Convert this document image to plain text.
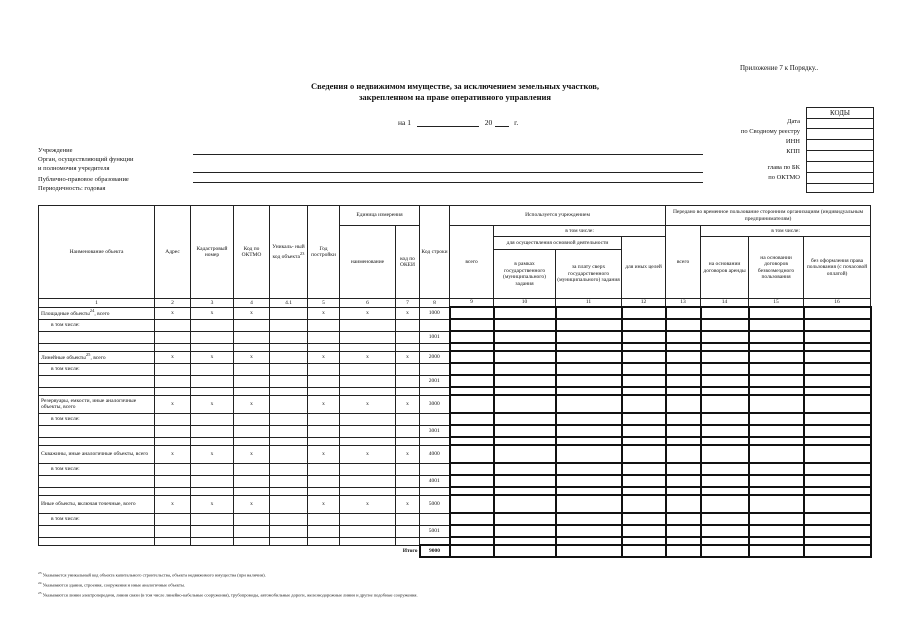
Приложение 7 к Порядку..
Сведения о недвижимом имуществе, за исключением земельных участков,
закрепленном на праве оперативного управления
на 1	20	г.
КОДЫ
Дата
по Сводному реестру
ИНН
КПП
глава по БК
по ОКТМО
Учреждение
Орган, осуществляющий функции
и полномочия учредителя
Публично-правовое образование
Периодичность: годовая
Наименование объекта	Адрес	Кадастровый номер	Код по ОКТМО	Уникаль- ный код объекта$^{23}$	Год постройки	Единица измерения		Код строки	Используется учреждением				Передано во временное пользование сторонним организациям (индивидуальным предпринимателям)			
						наименование	код по ОКЕИ		всего	в том числе:			всего	в том числе:		
										для осуществления основной деятельности		для иных целей		на основании договоров аренды	на основании договоров безвозмездного пользования	без оформления права пользования (с почасовой оплатой)
										в рамках государственного (муниципального) задания	за плату сверх государственного (муниципального) задания					
1	2	3	4	4.1	5	6	7	8	9	10	11	12	13	14	15	16
Площадные объекты$^{24}$, всего	x	x	x		x	x	x	1000								
в том числе:																
								1001								

Линейные объекты$^{25}$, всего	x	x	x		x	x	x	2000								
в том числе:																
								2001								

Резервуары, емкости, иные аналогичные объекты, всего	x	x	x		x	x	x	3000								
в том числе:																
								3001								

Скважины, иные аналогичные объекты, всего	x	x	x		x	x	x	4000								
в том числе:																
								4001								

Иные объекты, включая точечные, всего	x	x	x		x	x	x	5000								
в том числе:																
								5001								

Итого								9000								
$^{23}$ Указывается уникальный код объекта капитального строительства, объекта недвижимого имущества (при наличии).
$^{24}$ Указываются здания, строения, сооружения и иные аналогичные объекты.
$^{25}$ Указываются линии электропередачи, линии связи (в том числе линейно-кабельные сооружения), трубопроводы, автомобильные дороги, железнодорожные линии и другие подобные сооружения.
